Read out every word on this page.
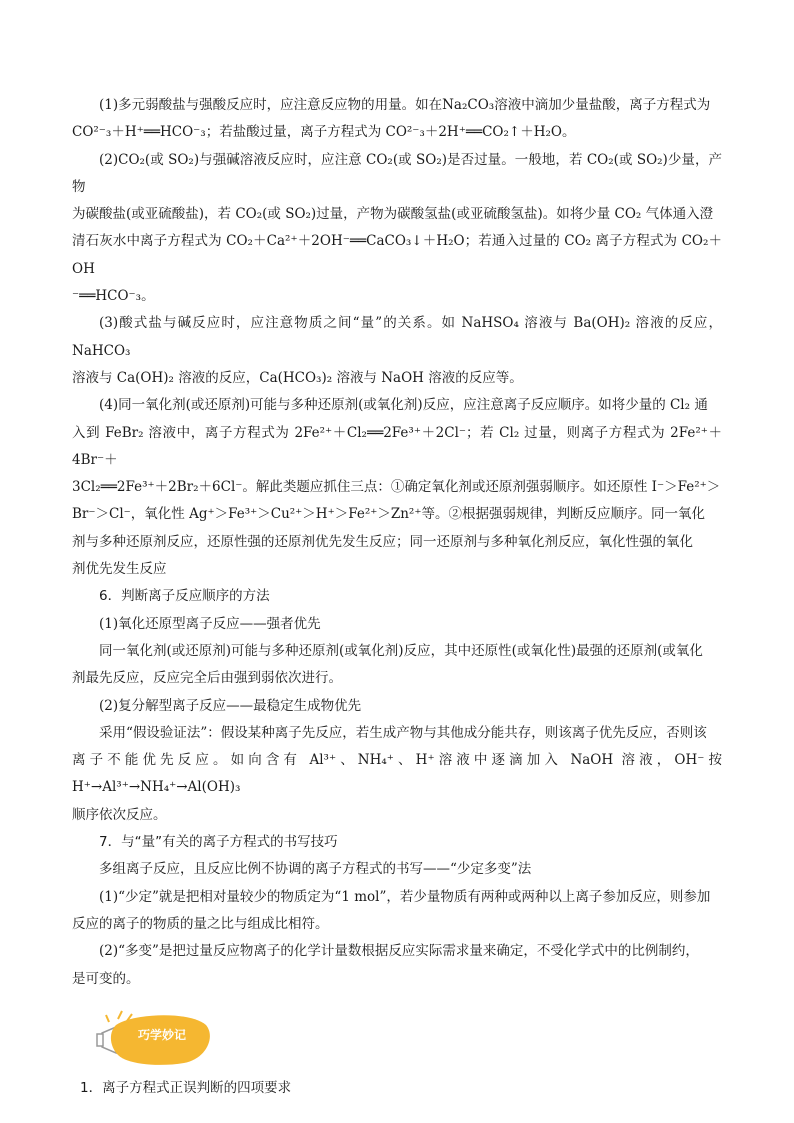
(1)多元弱酸盐与强酸反应时，应注意反应物的用量。如在Na₂CO₃溶液中滴加少量盐酸，离子方程式为

CO²⁻₃＋H⁺══HCO⁻₃；若盐酸过量，离子方程式为 CO²⁻₃＋2H⁺══CO₂↑＋H₂O。

(2)CO₂(或 SO₂)与强碱溶液反应时，应注意 CO₂(或 SO₂)是否过量。一般地，若 CO₂(或 SO₂)少量，产物

为碳酸盐(或亚硫酸盐)，若 CO₂(或 SO₂)过量，产物为碳酸氢盐(或亚硫酸氢盐)。如将少量 CO₂ 气体通入澄

清石灰水中离子方程式为 CO₂＋Ca²⁺＋2OH⁻══CaCO₃↓＋H₂O；若通入过量的 CO₂ 离子方程式为 CO₂＋OH

⁻══HCO⁻₃。

(3)酸式盐与碱反应时，应注意物质之间“量”的关系。如 NaHSO₄ 溶液与 Ba(OH)₂ 溶液的反应，NaHCO₃

溶液与 Ca(OH)₂ 溶液的反应，Ca(HCO₃)₂ 溶液与 NaOH 溶液的反应等。

(4)同一氧化剂(或还原剂)可能与多种还原剂(或氧化剂)反应，应注意离子反应顺序。如将少量的 Cl₂ 通

入到 FeBr₂ 溶液中，离子方程式为 2Fe²⁺＋Cl₂══2Fe³⁺＋2Cl⁻；若 Cl₂ 过量，则离子方程式为 2Fe²⁺＋4Br⁻＋

3Cl₂══2Fe³⁺＋2Br₂＋6Cl⁻。解此类题应抓住三点：①确定氧化剂或还原剂强弱顺序。如还原性 I⁻＞Fe²⁺＞

Br⁻＞Cl⁻，氧化性 Ag⁺＞Fe³⁺＞Cu²⁺＞H⁺＞Fe²⁺＞Zn²⁺等。②根据强弱规律，判断反应顺序。同一氧化

剂与多种还原剂反应，还原性强的还原剂优先发生反应；同一还原剂与多种氧化剂反应，氧化性强的氧化

剂优先发生反应

6．判断离子反应顺序的方法

(1)氧化还原型离子反应——强者优先

同一氧化剂(或还原剂)可能与多种还原剂(或氧化剂)反应，其中还原性(或氧化性)最强的还原剂(或氧化

剂最先反应，反应完全后由强到弱依次进行。

(2)复分解型离子反应——最稳定生成物优先

采用“假设验证法”：假设某种离子先反应，若生成产物与其他成分能共存，则该离子优先反应，否则该

离子不能优先反应。如向含有 Al³⁺、NH₄⁺、H⁺溶液中逐滴加入 NaOH 溶液，OH⁻按 H⁺→Al³⁺→NH₄⁺→Al(OH)₃

顺序依次反应。

7．与“量”有关的离子方程式的书写技巧

多组离子反应，且反应比例不协调的离子方程式的书写——“少定多变”法

(1)“少定”就是把相对量较少的物质定为“1 mol”，若少量物质有两种或两种以上离子参加反应，则参加

反应的离子的物质的量之比与组成比相符。

(2)“多变”是把过量反应物离子的化学计量数根据反应实际需求量来确定，不受化学式中的比例制约，

是可变的。

巧学妙记

1．离子方程式正误判断的四项要求
